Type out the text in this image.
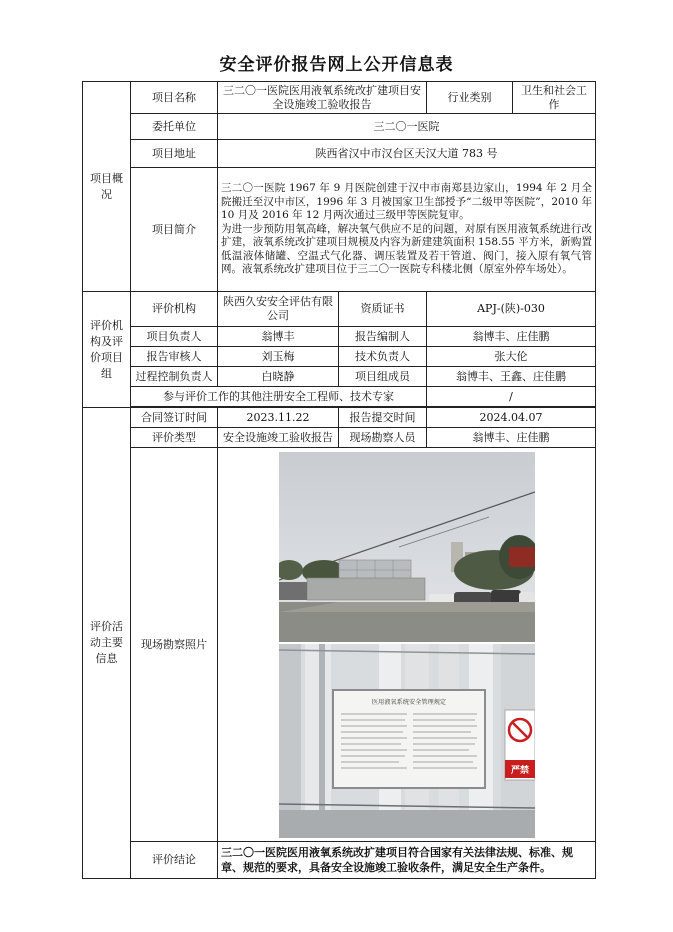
安全评价报告网上公开信息表
项目概况	项目名称	三二〇一医院医用液氧系统改扩建项目安全设施竣工验收报告		行业类别	卫生和社会工作
	委托单位	三二〇一医院			
	项目地址	陕西省汉中市汉台区天汉大道 783 号			
	项目简介	三二〇一医院 1967 年 9 月医院创建于汉中市南郑县边家山，1994 年 2 月全院搬迁至汉中市区，1996 年 3 月被国家卫生部授予“二级甲等医院”，2010 年 10 月及 2016 年 12 月两次通过三级甲等医院复审。
为进一步预防用氧高峰，解决氧气供应不足的问题，对原有医用液氧系统进行改扩建，液氧系统改扩建项目规模及内容为新建建筑面积 158.55 平方米，新购置低温液体储罐、空温式气化器、调压装置及若干管道、阀门，接入原有氧气管网。液氧系统改扩建项目位于三二〇一医院专科楼北侧（原室外停车场处）。			

评价机构及评价项目组	评价机构	陕西久安安全评估有限公司	资质证书	APJ-(陕)-030	
	项目负责人	翁博丰	报告编制人	翁博丰、庄佳鹏	
	报告审核人	刘玉梅	技术负责人	张大伦	
	过程控制负责人	白晓静	项目组成员	翁博丰、王鑫、庄佳鹏	
	参与评价工作的其他注册安全工程师、技术专家			/	

评价活动主要信息	合同签订时间	2023.11.22	报告提交时间	2024.04.07	
	评价类型	安全设施竣工验收报告	现场勘察人员	翁博丰、庄佳鹏	
	现场勘察照片	医用液氧系统安全管理规定
严禁			

	评价结论	三二〇一医院医用液氧系统改扩建项目符合国家有关法律法规、标准、规章、规范的要求，具备安全设施竣工验收条件，满足安全生产条件。			
